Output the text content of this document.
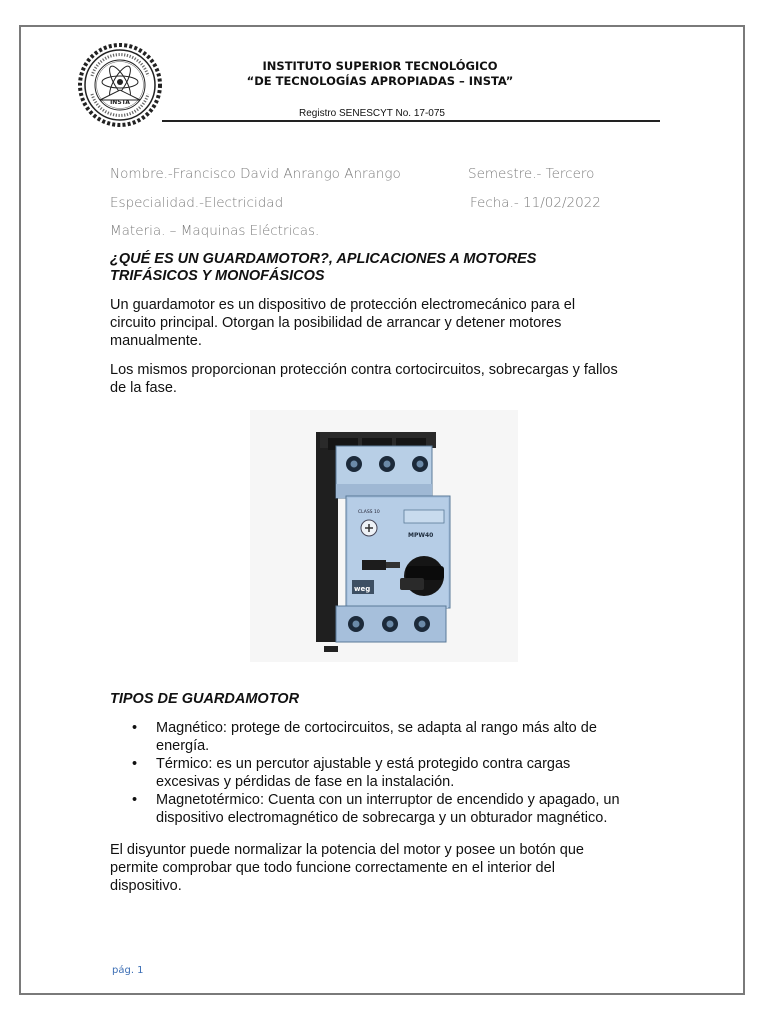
INSTA
INSTITUTO SUPERIOR TECNOLÓGICO
“DE TECNOLOGÍAS APROPIADAS – INSTA”
Registro SENESCYT No. 17-075
Nombre.-Francisco David Anrango Anrango	Semestre.- Tercero
Especialidad.-Electricidad	Fecha.- 11/02/2022
Materia. – Maquinas Eléctricas.
¿QUÉ ES UN GUARDAMOTOR?, APLICACIONES A MOTORES
TRIFÁSICOS Y MONOFÁSICOS
Un guardamotor es un dispositivo de protección electromecánico para el
circuito principal. Otorgan la posibilidad de arrancar y detener motores
manualmente.
Los mismos proporcionan protección contra cortocircuitos, sobrecargas y fallos
de la fase.
CLASS 10
MPW40
weg
TIPOS DE GUARDAMOTOR
• Magnético: protege de cortocircuitos, se adapta al rango más alto de
energía.
• Térmico: es un percutor ajustable y está protegido contra cargas
excesivas y pérdidas de fase en la instalación.
• Magnetotérmico: Cuenta con un interruptor de encendido y apagado, un
dispositivo electromagnético de sobrecarga y un obturador magnético.
El disyuntor puede normalizar la potencia del motor y posee un botón que
permite comprobar que todo funcione correctamente en el interior del
dispositivo.
pág. 1
